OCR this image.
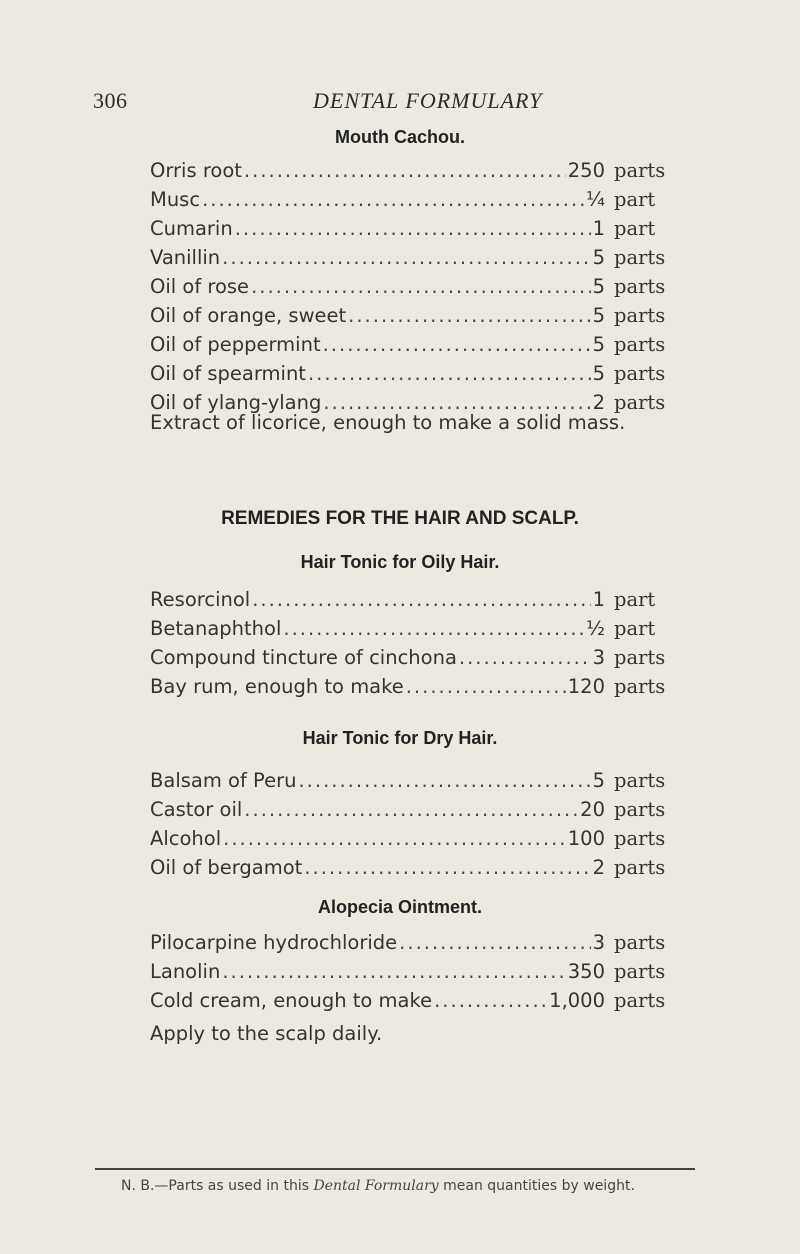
306	DENTAL FORMULARY
Mouth Cachou.
Orris root .....	250 parts
Musc .....	¼ part
Cumarin .....	1 part
Vanillin .....	5 parts
Oil of rose .....	5 parts
Oil of orange, sweet .....	5 parts
Oil of peppermint .....	5 parts
Oil of spearmint .....	5 parts
Oil of ylang-ylang .....	2 parts
Extract of licorice, enough to make a solid mass.
REMEDIES FOR THE HAIR AND SCALP.
Hair Tonic for Oily Hair.
Resorcinol .....	1 part
Betanaphthol .....	½ part
Compound tincture of cinchona .....	3 parts
Bay rum, enough to make .....	120 parts
Hair Tonic for Dry Hair.
Balsam of Peru .....	5 parts
Castor oil .....	20 parts
Alcohol .....	100 parts
Oil of bergamot .....	2 parts
Alopecia Ointment.
Pilocarpine hydrochloride .....	3 parts
Lanolin .....	350 parts
Cold cream, enough to make .....	1,000 parts
Apply to the scalp daily.
N. B.—Parts as used in this Dental Formulary mean quantities by weight.
